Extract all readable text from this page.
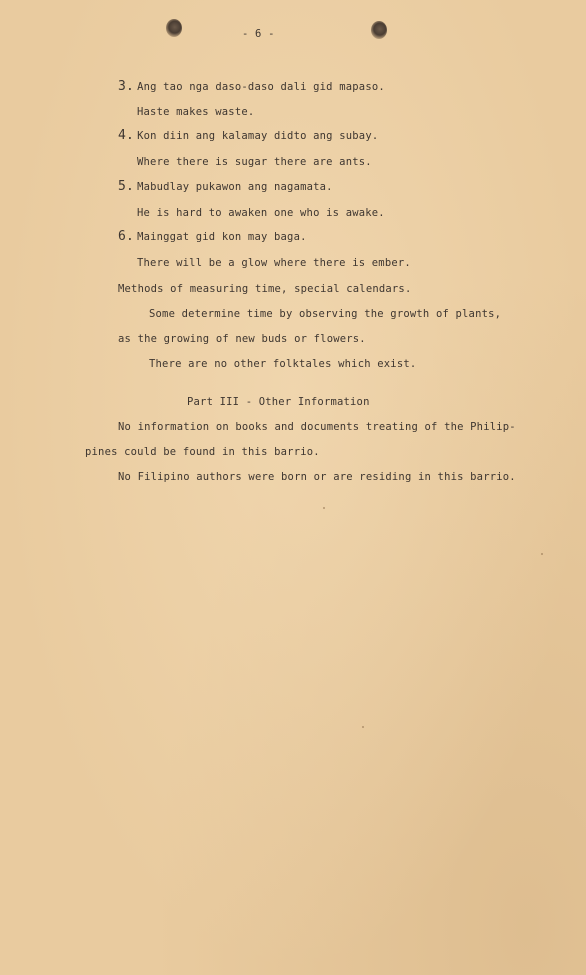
- 6 -
3. Ang tao nga daso-daso dali gid mapaso.
Haste makes waste.
4. Kon diin ang kalamay didto ang subay.
Where there is sugar there are ants.
5. Mabudlay pukawon ang nagamata.
He is hard to awaken one who is awake.
6. Mainggat gid kon may baga.
There will be a glow where there is ember.
Methods of measuring time, special calendars.
Some determine time by observing the growth of plants,
as the growing of new buds or flowers.
There are no other folktales which exist.
Part III - Other Information
No information on books and documents treating of the Philip-
pines could be found in this barrio.
No Filipino authors were born or are residing in this barrio.
